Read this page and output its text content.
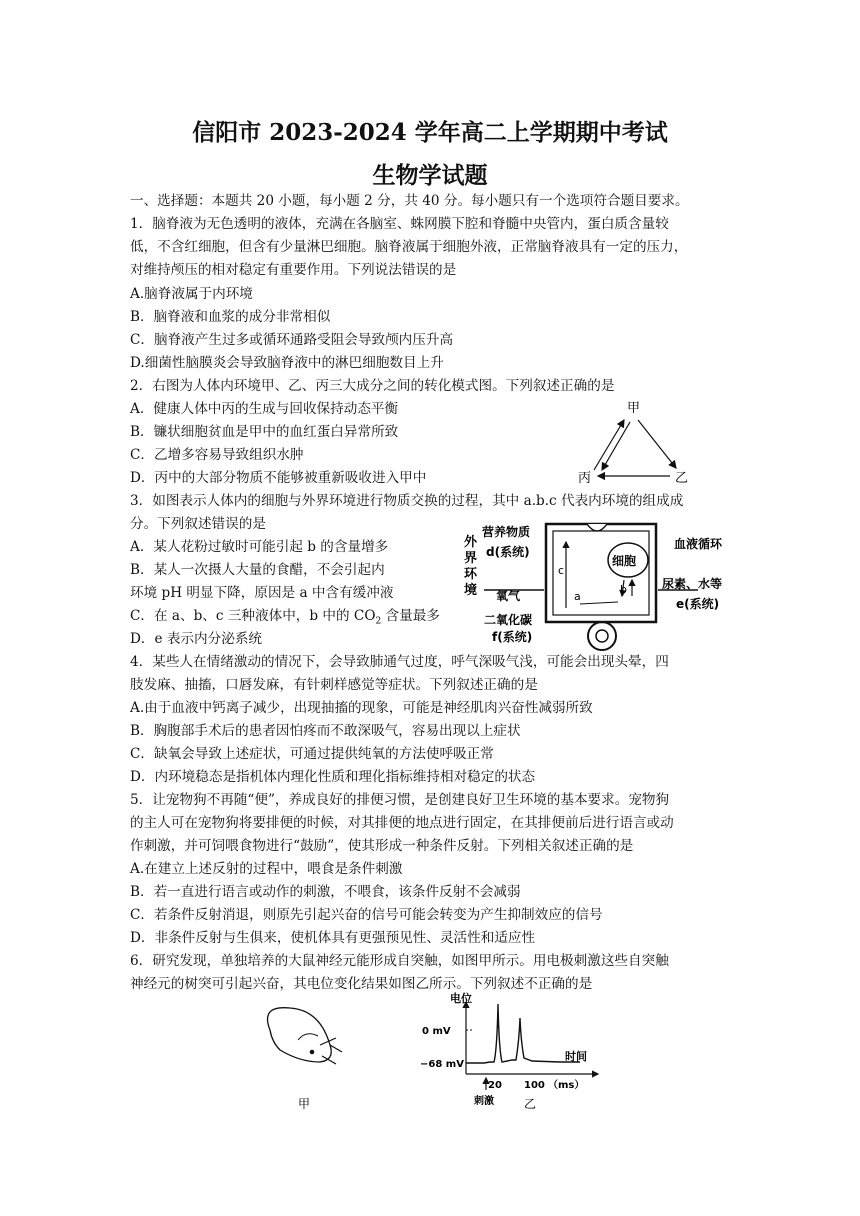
信阳市 2023-2024 学年高二上学期期中考试
生物学试题
一、选择题：本题共 20 小题，每小题 2 分，共 40 分。每小题只有一个选项符合题目要求。
1．脑脊液为无色透明的液体，充满在各脑室、蛛网膜下腔和脊髓中央管内，蛋白质含量较
低，不含红细胞，但含有少量淋巴细胞。脑脊液属于细胞外液，正常脑脊液具有一定的压力，
对维持颅压的相对稳定有重要作用。下列说法错误的是
A.脑脊液属于内环境
B．脑脊液和血浆的成分非常相似
C．脑脊液产生过多或循环通路受阻会导致颅内压升高
D.细菌性脑膜炎会导致脑脊液中的淋巴细胞数目上升
2．右图为人体内环境甲、乙、丙三大成分之间的转化模式图。下列叙述正确的是
A．健康人体中丙的生成与回收保持动态平衡
B．镰状细胞贫血是甲中的血红蛋白异常所致
C．乙增多容易导致组织水肿
D．丙中的大部分物质不能够被重新吸收进入甲中
甲
丙	乙
3．如图表示人体内的细胞与外界环境进行物质交换的过程，其中 a.b.c 代表内环境的组成成
分。下列叙述错误的是
A．某人花粉过敏时可能引起 b 的含量增多
B．某人一次摄人大量的食醋，不会引起内
环境 pH 明显下降，原因是 a 中含有缓冲液
C．在 a、b、c 三种液体中，b 中的 $CO_2$ 含量最多
D．e 表示内分泌系统
外
界
环
境
营养物质
d(系统)
氧气
二氧化碳
f(系统)
细胞
c
b
a
血液循环
尿素、水等
e(系统)
4．某些人在情绪激动的情况下，会导致肺通气过度，呼气深吸气浅，可能会出现头晕，四
肢发麻、抽搐，口唇发麻，有针刺样感觉等症状。下列叙述正确的是
A.由于血液中钙离子减少，出现抽搐的现象，可能是神经肌肉兴奋性减弱所致
B．胸腹部手术后的患者因怕疼而不敢深吸气，容易出现以上症状
C．缺氧会导致上述症状，可通过提供纯氧的方法使呼吸正常
D．内环境稳态是指机体内理化性质和理化指标维持相对稳定的状态
5．让宠物狗不再随“便”，养成良好的排便习惯，是创建良好卫生环境的基本要求。宠物狗
的主人可在宠物狗将要排便的时候，对其排便的地点进行固定，在其排便前后进行语言或动
作刺激，并可饲喂食物进行“鼓励”，使其形成一种条件反射。下列相关叙述正确的是
A.在建立上述反射的过程中，喂食是条件刺激
B．若一直进行语言或动作的刺激，不喂食，该条件反射不会减弱
C．若条件反射消退，则原先引起兴奋的信号可能会转变为产生抑制效应的信号
D．非条件反射与生俱来，使机体具有更强预见性、灵活性和适应性
6．研究发现，单独培养的大鼠神经元能形成自突触，如图甲所示。用电极刺激这些自突触
神经元的树突可引起兴奋，其电位变化结果如图乙所示。下列叙述不正确的是
甲
电位
0 mV
−68 mV
时间
20 100 （ms）
刺激	乙
